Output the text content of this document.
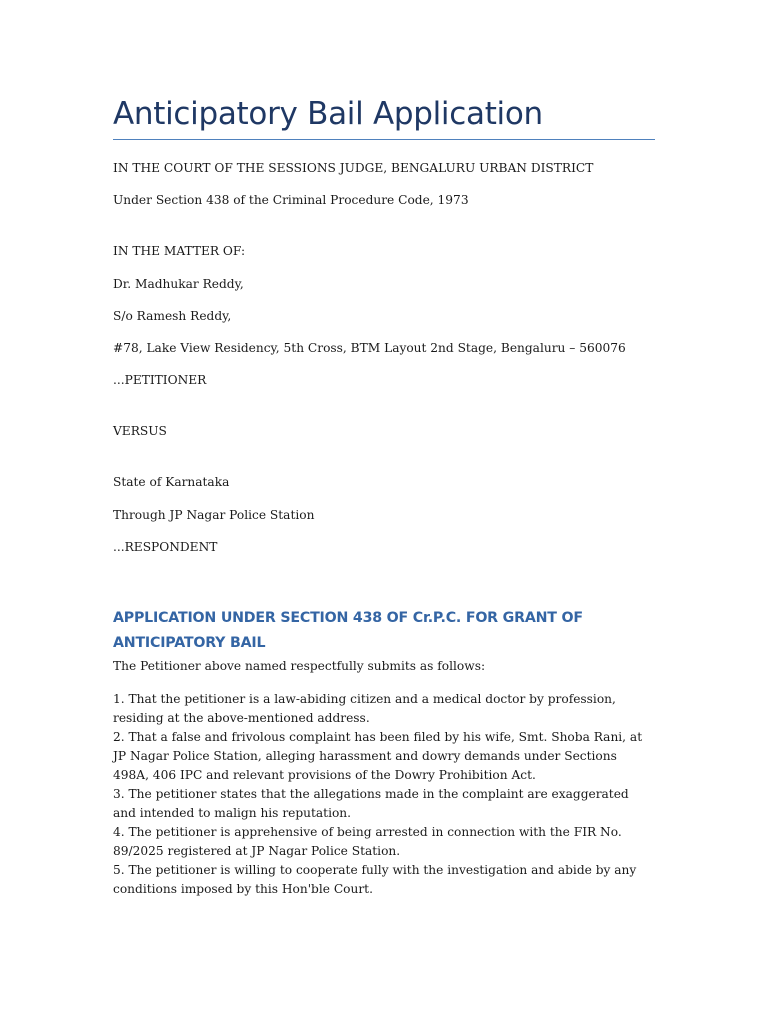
Anticipatory Bail Application
IN THE COURT OF THE SESSIONS JUDGE, BENGALURU URBAN DISTRICT
Under Section 438 of the Criminal Procedure Code, 1973
IN THE MATTER OF:
Dr. Madhukar Reddy,
S/o Ramesh Reddy,
#78, Lake View Residency, 5th Cross, BTM Layout 2nd Stage, Bengaluru – 560076
...PETITIONER
VERSUS
State of Karnataka
Through JP Nagar Police Station
...RESPONDENT
APPLICATION UNDER SECTION 438 OF Cr.P.C. FOR GRANT OF ANTICIPATORY BAIL
The Petitioner above named respectfully submits as follows:

1. That the petitioner is a law-abiding citizen and a medical doctor by profession, residing at the above-mentioned address.

2. That a false and frivolous complaint has been filed by his wife, Smt. Shoba Rani, at JP Nagar Police Station, alleging harassment and dowry demands under Sections 498A, 406 IPC and relevant provisions of the Dowry Prohibition Act.

3. The petitioner states that the allegations made in the complaint are exaggerated and intended to malign his reputation.

4. The petitioner is apprehensive of being arrested in connection with the FIR No. 89/2025 registered at JP Nagar Police Station.

5. The petitioner is willing to cooperate fully with the investigation and abide by any conditions imposed by this Hon'ble Court.
